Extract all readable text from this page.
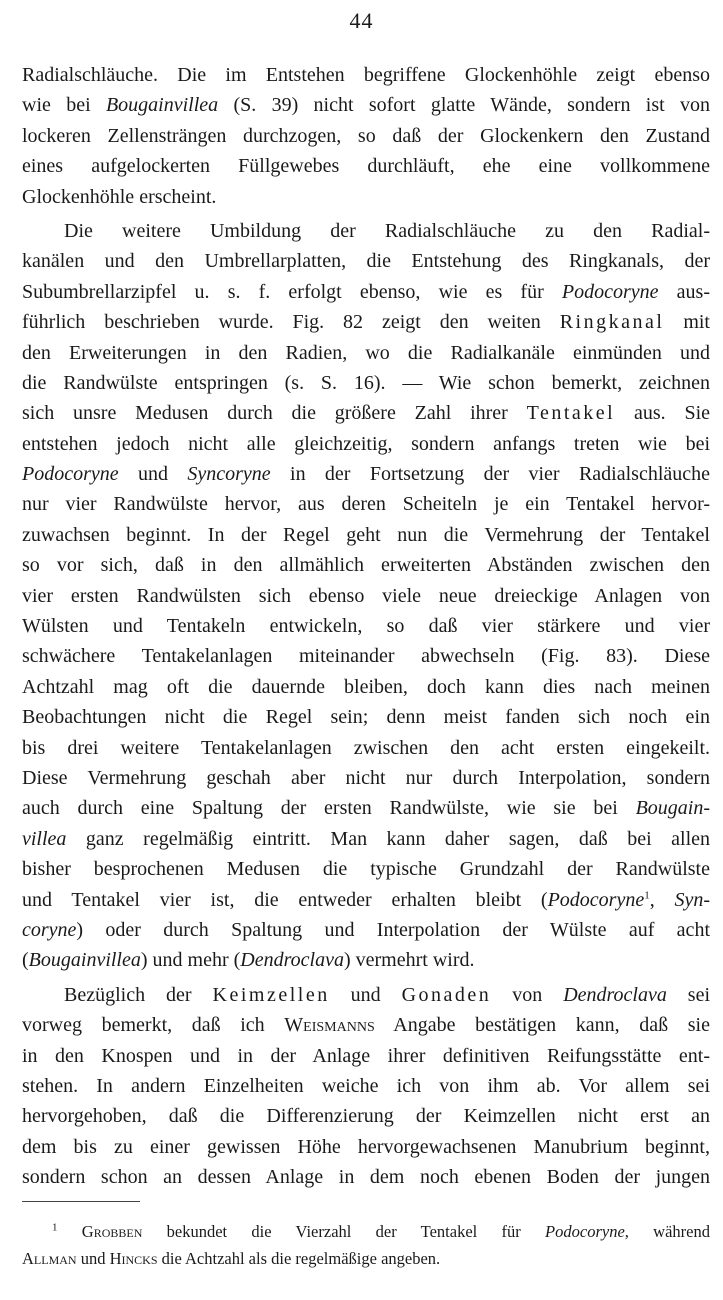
44
Radialschläuche. Die im Entstehen begriffene Glockenhöhle zeigt ebenso
wie bei Bougainvillea (S. 39) nicht sofort glatte Wände, sondern ist von
lockeren Zellensträngen durchzogen, so daß der Glockenkern den Zustand
eines aufgelockerten Füllgewebes durchläuft, ehe eine vollkommene
Glockenhöhle erscheint.
Die weitere Umbildung der Radialschläuche zu den Radial-
kanälen und den Umbrellarplatten, die Entstehung des Ringkanals, der
Subumbrellarzipfel u. s. f. erfolgt ebenso, wie es für Podocoryne aus-
führlich beschrieben wurde. Fig. 82 zeigt den weiten Ringkanal mit
den Erweiterungen in den Radien, wo die Radialkanäle einmünden und
die Randwülste entspringen (s. S. 16). — Wie schon bemerkt, zeichnen
sich unsre Medusen durch die größere Zahl ihrer Tentakel aus. Sie
entstehen jedoch nicht alle gleichzeitig, sondern anfangs treten wie bei
Podocoryne und Syncoryne in der Fortsetzung der vier Radialschläuche
nur vier Randwülste hervor, aus deren Scheiteln je ein Tentakel hervor-
zuwachsen beginnt. In der Regel geht nun die Vermehrung der Tentakel
so vor sich, daß in den allmählich erweiterten Abständen zwischen den
vier ersten Randwülsten sich ebenso viele neue dreieckige Anlagen von
Wülsten und Tentakeln entwickeln, so daß vier stärkere und vier
schwächere Tentakelanlagen miteinander abwechseln (Fig. 83). Diese
Achtzahl mag oft die dauernde bleiben, doch kann dies nach meinen
Beobachtungen nicht die Regel sein; denn meist fanden sich noch ein
bis drei weitere Tentakelanlagen zwischen den acht ersten eingekeilt.
Diese Vermehrung geschah aber nicht nur durch Interpolation, sondern
auch durch eine Spaltung der ersten Randwülste, wie sie bei Bougain-
villea ganz regelmäßig eintritt. Man kann daher sagen, daß bei allen
bisher besprochenen Medusen die typische Grundzahl der Randwülste
und Tentakel vier ist, die entweder erhalten bleibt (Podocoryne$^1$, Syn-
coryne) oder durch Spaltung und Interpolation der Wülste auf acht
(Bougainvillea) und mehr (Dendroclava) vermehrt wird.
Bezüglich der Keimzellen und Gonaden von Dendroclava sei
vorweg bemerkt, daß ich Weismanns Angabe bestätigen kann, daß sie
in den Knospen und in der Anlage ihrer definitiven Reifungsstätte ent-
stehen. In andern Einzelheiten weiche ich von ihm ab. Vor allem sei
hervorgehoben, daß die Differenzierung der Keimzellen nicht erst an
dem bis zu einer gewissen Höhe hervorgewachsenen Manubrium beginnt,
sondern schon an dessen Anlage in dem noch ebenen Boden der jungen
$^1$ Grobben bekundet die Vierzahl der Tentakel für Podocoryne, während
Allman und Hincks die Achtzahl als die regelmäßige angeben.
